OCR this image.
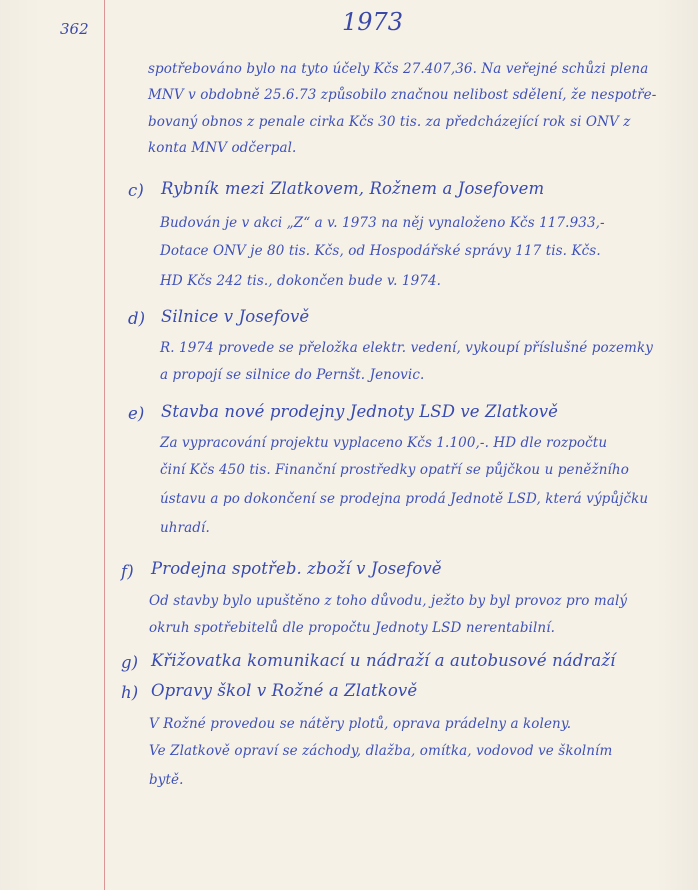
362	1973
spotřebováno bylo na tyto účely Kčs 27.407,36. Na veřejné schůzi plena
MNV v obdobně 25.6.73 způsobilo značnou nelibost sdělení, že nespotře-
bovaný obnos z penale cirka Kčs 30 tis. za předcházející rok si ONV z
konta MNV odčerpal.
c) Rybník mezi Zlatkovem, Rožnem a Josefovem
Budován je v akci „Z“ a v. 1973 na něj vynaloženo Kčs 117.933,-
Dotace ONV je 80 tis. Kčs, od Hospodářské správy 117 tis. Kčs.
HD Kčs 242 tis., dokončen bude v. 1974.
d) Silnice v Josefově
R. 1974 provede se přeložka elektr. vedení, vykoupí příslušné pozemky
a propojí se silnice do Pernšt. Jenovic.
e) Stavba nové prodejny Jednoty LSD ve Zlatkově
Za vypracování projektu vyplaceno Kčs 1.100,-. HD dle rozpočtu
činí Kčs 450 tis. Finanční prostředky opatří se půjčkou u peněžního
ústavu a po dokončení se prodejna prodá Jednotě LSD, která výpůjčku
uhradí.
f) Prodejna spotřeb. zboží v Josefově
Od stavby bylo upuštěno z toho důvodu, ježto by byl provoz pro malý
okruh spotřebitelů dle propočtu Jednoty LSD nerentabilní.
g) Křižovatka komunikací u nádraží a autobusové nádraží
h) Opravy škol v Rožné a Zlatkově
V Rožné provedou se nátěry plotů, oprava prádelny a koleny.
Ve Zlatkově opraví se záchody, dlažba, omítka, vodovod ve školním
bytě.
